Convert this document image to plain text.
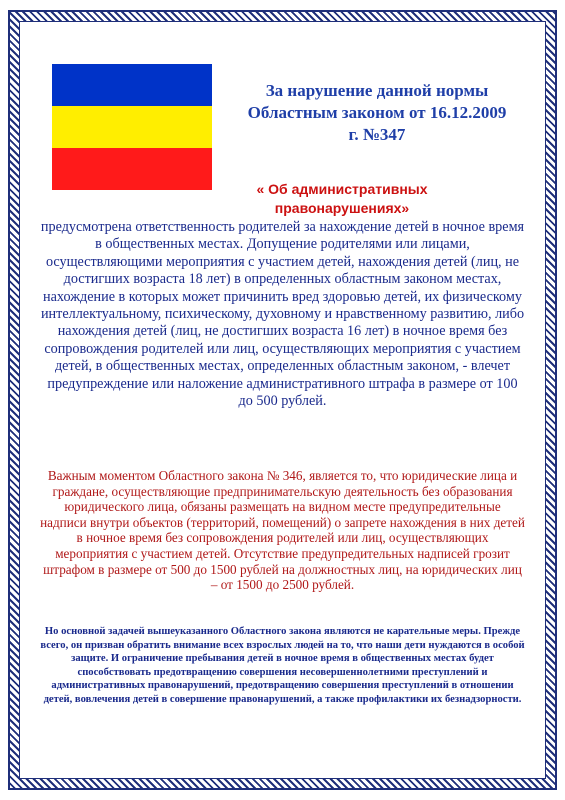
За нарушение данной нормы Областным законом от 16.12.2009 г. №347
« Об административных правонарушениях»

предусмотрена ответственность родителей за нахождение детей в ночное время в общественных местах. Допущение родителями или лицами, осуществляющими мероприятия с участием детей, нахождения детей (лиц, не достигших возраста 18 лет) в определенных областным законом местах, нахождение в которых может причинить вред здоровью детей, их физическому интеллектуальному, психическому, духовному и нравственному развитию, либо нахождения детей (лиц, не достигших возраста 16 лет) в ночное время без сопровождения родителей или лиц, осуществляющих мероприятия с участием детей, в общественных местах, определенных областным законом, - влечет предупреждение или наложение административного штрафа в размере от 100 до 500 рублей.

Важным моментом Областного закона № 346, является то, что юридические лица и граждане, осуществляющие предпринимательскую деятельность без образования юридического лица, обязаны размещать на видном месте предупредительные надписи внутри объектов (территорий, помещений) о запрете нахождения в них детей в ночное время без сопровождения родителей или лиц, осуществляющих мероприятия с участием детей. Отсутствие предупредительных надписей грозит штрафом в размере от 500 до 1500 рублей на должностных лиц, на юридических лиц – от 1500 до 2500 рублей.

Но основной задачей вышеуказанного Областного закона являются не карательные меры. Прежде всего, он призван обратить внимание всех взрослых людей на то, что наши дети нуждаются в особой защите. И ограничение пребывания детей в ночное время в общественных местах будет способствовать предотвращению совершения несовершеннолетними преступлений и административных правонарушений, предотвращению совершения преступлений в отношении детей, вовлечения детей в совершение правонарушений, а также профилактики их безнадзорности.
